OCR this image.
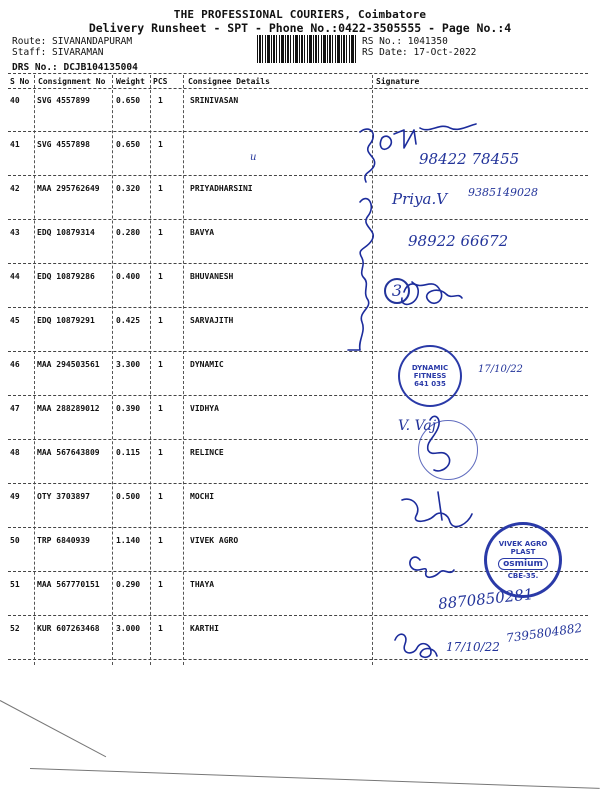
THE PROFESSIONAL COURIERS, Coimbatore
Delivery Runsheet - SPT - Phone No.:0422-3505555 - Page No.:4
Route: SIVANANDAPURAM
Staff: SIVARAMAN
DRS No.: DCJB104135004
RS No.: 1041350
RS Date: 17-Oct-2022
S No Consignment No Weight PCS	Consignee Details	Signature
40 SVG 4557899	0.650 1	SRINIVASAN
41 SVG 4557898	0.650 1
42 MAA 295762649 0.320 1	PRIYADHARSINI
43 EDQ 10879314	0.280 1	BAVYA
44 EDQ 10879286	0.400 1	BHUVANESH
45 EDQ 10879291	0.425 1	SARVAJITH
46 MAA 294503561 3.300 1	DYNAMIC
47 MAA 288289012 0.390 1	VIDHYA
48 MAA 567643809 0.115 1	RELINCE
49 OTY 3703897	0.500 1	MOCHI
50 TRP 6840939	1.140 1	VIVEK AGRO
51 MAA 567770151 0.290 1	THAYA
52 KUR 607263468 3.000 1	KARTHI
98422 78455
u
Priya.V 9385149028
98922 66672
3
17/10/22
V. Vaj
8870850281
17/10/22
7395804882
DYNAMIC FITNESS
641 035
VIVEK AGRO PLAST
osmium
CBE-35.
